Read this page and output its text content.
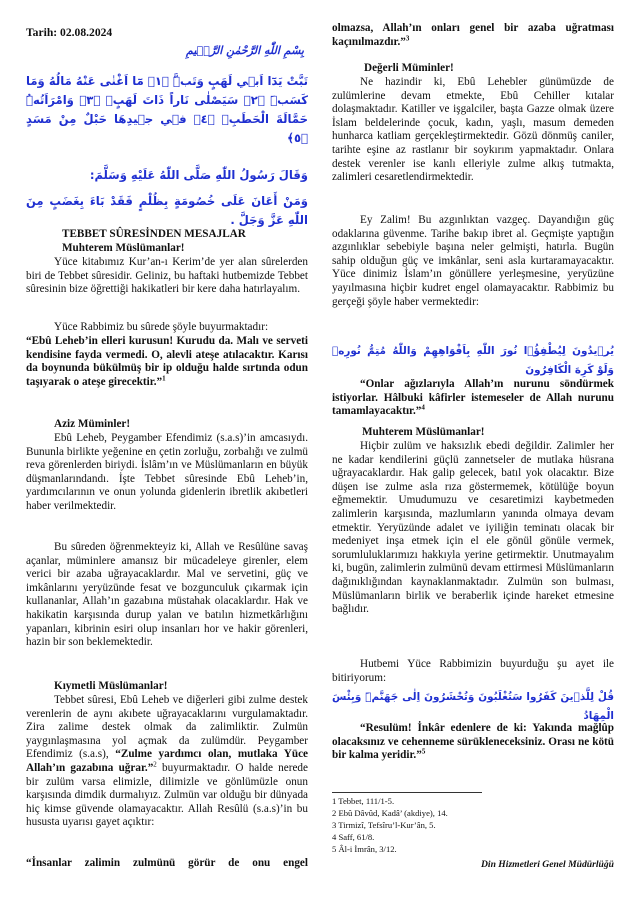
Tarih: 02.08.2024
بِسْمِ اللّٰهِ الرَّحْمٰنِ الرَّح۪يمِ
تَبَّتْ يَدَٓا اَب۪ي لَهَبٍ وَتَبَّۜ ﴿١﴾ مَٓا اَغْنٰى عَنْهُ مَالُهُ وَمَا كَسَبَۜ ﴿٢﴾ سَيَصْلٰى نَاراً ذَاتَ لَهَبٍۚ ﴿٣﴾ وَامْرَاَتُهُۜ حَمَّالَةَ الْحَطَبِۚ ﴿٤﴾ ف۪ي ج۪يدِهَا حَبْلٌ مِنْ مَسَدٍ ﴿٥﴾
وَقَالَ رَسُولُ اللّٰهِ صَلَّى اللّٰهُ عَلَيْهِ وَسَلَّمَ:
وَمَنْ أَعَانَ عَلَى خُصُومَةٍ بِظُلْمٍ فَقَدْ بَاءَ بِغَضَبٍ مِنَ اللّٰهِ عَزَّ وَجَلَّ .
TEBBET SÛRESİNDEN MESAJLAR
Muhterem Müslümanlar!
Yüce kitabımız Kur’an-ı Kerim’de yer alan sûrelerden biri de Tebbet sûresidir. Geliniz, bu haftaki hutbemizde Tebbet sûresinin bize öğrettiği hakikatleri bir kere daha hatırlayalım.
Yüce Rabbimiz bu sûrede şöyle buyurmaktadır:
“Ebû Leheb’in elleri kurusun! Kurudu da. Malı ve serveti kendisine fayda vermedi. O, alevli ateşe atılacaktır. Karısı da boynunda bükülmüş bir ip olduğu halde sırtında odun taşıyarak o ateşe girecektir.”$^1$
Aziz Müminler!
Ebû Leheb, Peygamber Efendimiz (s.a.s)’in amcasıydı. Bununla birlikte yeğenine en çetin zorluğu, zorbalığı ve zulmü reva görenlerden biriydi. İslâm’ın ve Müslümanların en büyük düşmanlarındandı. İşte Tebbet sûresinde Ebû Leheb’in, yardımcılarının ve onun yolunda gidenlerin ibretlik akıbetleri haber verilmektedir.
Bu sûreden öğrenmekteyiz ki, Allah ve Resûlüne savaş açanlar, müminlere amansız bir mücadeleye girenler, elem verici bir azaba uğrayacaklardır. Mal ve servetini, güç ve imkânlarını yeryüzünde fesat ve bozgunculuk çıkarmak için kullananlar, Allah’ın gazabına müstahak olacaklardır. Hak ve hakikatin karşısında durup yalan ve batılın hizmetkârlığını yapanları, kibrinin esiri olup insanları hor ve hakir görenleri, hazin bir son beklemektedir.
Kıymetli Müslümanlar!
Tebbet sûresi, Ebû Leheb ve diğerleri gibi zulme destek verenlerin de aynı akıbete uğrayacaklarını vurgulamaktadır. Zira zalime destek olmak da zalimliktir. Zulmün yaygınlaşmasına yol açmak da zulümdür. Peygamber Efendimiz (s.a.s), “Zulme yardımcı olan, mutlaka Yüce Allah’ın gazabına uğrar.”$^2$ buyurmaktadır. O halde nerede bir zulüm varsa elimizle, dilimizle ve gönlümüzle onun karşısında dimdik durmalıyız. Zulmün var olduğu bir dünyada hiç kimse güvende olamayacaktır. Allah Resûlü (s.a.s)’in bu hususta uyarısı gayet açıktır:
“İnsanlar zalimin zulmünü görür de onu engel
olmazsa, Allah’ın onları genel bir azaba uğratması kaçınılmazdır.”$^3$
Değerli Müminler!
Ne hazindir ki, Ebû Lehebler günümüzde de zulümlerine devam etmekte, Ebû Cehiller kıtalar dolaşmaktadır. Katiller ve işgalciler, başta Gazze olmak üzere İslam beldelerinde çocuk, kadın, yaşlı, masum demeden hunharca katliam gerçekleştirmektedir. Gözü dönmüş caniler, tarihte eşine az rastlanır bir soykırım yapmaktadır. Onlara destek verenler ise kanlı elleriyle zulme alkış tutmakta, zalimleri cesaretlendirmektedir.
Ey Zalim! Bu azgınlıktan vazgeç. Dayandığın güç odaklarına güvenme. Tarihe bakıp ibret al. Geçmişte yaptığın azgınlıklar sebebiyle başına neler gelmişti, hatırla. Bugün sahip olduğun güç ve imkânlar, seni asla kurtaramayacaktır. Yüce dinimiz İslam’ın gönüllere yerleşmesine, yeryüzüne yayılmasına hiçbir kudret engel olamayacaktır. Rabbimiz bu gerçeği şöyle haber vermektedir:
يُر۪يدُونَ لِيُطْفِؤُ۫ا نُورَ اللّٰهِ بِاَفْوَاهِهِمْ وَاللّٰهُ مُتِمُّ نُورِه۪ وَلَوْ كَرِهَ الْكَافِرُونَ
“Onlar ağızlarıyla Allah’ın nurunu söndürmek istiyorlar. Hâlbuki kâfirler istemeseler de Allah nurunu tamamlayacaktır.”$^4$
Muhterem Müslümanlar!
Hiçbir zulüm ve haksızlık ebedi değildir. Zalimler her ne kadar kendilerini güçlü zannetseler de mutlaka hüsrana uğrayacaklardır. Hak galip gelecek, batıl yok olacaktır. Bize düşen ise zulme asla rıza göstermemek, kötülüğe boyun eğmemektir. Umudumuzu ve cesaretimizi kaybetmeden zalimlerin karşısında, mazlumların yanında olmaya devam etmektir. Yeryüzünde adalet ve iyiliğin teminatı olacak bir medeniyet inşa etmek için el ele gönül gönüle vermek, sorumluluklarımızı hakkıyla yerine getirmektir. Unutmayalım ki, bugün, zalimlerin zulmünü devam ettirmesi Müslümanların dağınıklığından kaynaklanmaktadır. Zulmün son bulması, Müslümanların birlik ve beraberlik içinde hareket etmesine bağlıdır.
Hutbemi Yüce Rabbimizin buyurduğu şu ayet ile bitiriyorum:
قُلْ لِلَّذ۪ينَ كَفَرُوا سَتُغْلَبُونَ وَتُحْشَرُونَ اِلٰى جَهَنَّمَۜ وَبِئْسَ الْمِهَادُ
“Resulüm! İnkâr edenlere de ki: Yakında mağlûp olacaksınız ve cehenneme sürükleneceksiniz. Orası ne kötü bir kalma yeridir.”$^5$
1 Tebbet, 111/1-5.
2 Ebû Dâvûd, Kadâ’ (akdiye), 14.
3 Tirmizî, Tefsîru’l-Kur’ân, 5.
4 Saff, 61/8.
5 Âl-i İmrân, 3/12.
Din Hizmetleri Genel Müdürlüğü
